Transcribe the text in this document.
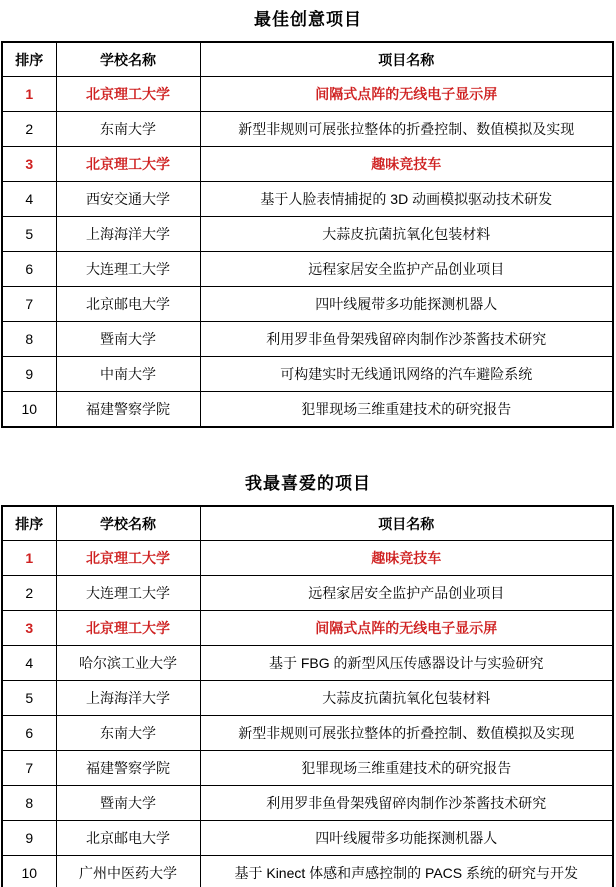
最佳创意项目
排序	学校名称	项目名称
1	北京理工大学	间隔式点阵的无线电子显示屏
2	东南大学	新型非规则可展张拉整体的折叠控制、数值模拟及实现
3	北京理工大学	趣味竞技车
4	西安交通大学	基于人脸表情捕捉的 3D 动画模拟驱动技术研发
5	上海海洋大学	大蒜皮抗菌抗氧化包装材料
6	大连理工大学	远程家居安全监护产品创业项目
7	北京邮电大学	四叶线履带多功能探测机器人
8	暨南大学	利用罗非鱼骨架残留碎肉制作沙茶酱技术研究
9	中南大学	可构建实时无线通讯网络的汽车避险系统
10	福建警察学院	犯罪现场三维重建技术的研究报告
我最喜爱的项目
排序	学校名称	项目名称
1	北京理工大学	趣味竞技车
2	大连理工大学	远程家居安全监护产品创业项目
3	北京理工大学	间隔式点阵的无线电子显示屏
4	哈尔滨工业大学	基于 FBG 的新型风压传感器设计与实验研究
5	上海海洋大学	大蒜皮抗菌抗氧化包装材料
6	东南大学	新型非规则可展张拉整体的折叠控制、数值模拟及实现
7	福建警察学院	犯罪现场三维重建技术的研究报告
8	暨南大学	利用罗非鱼骨架残留碎肉制作沙茶酱技术研究
9	北京邮电大学	四叶线履带多功能探测机器人
10	广州中医药大学	基于 Kinect 体感和声感控制的 PACS 系统的研究与开发
